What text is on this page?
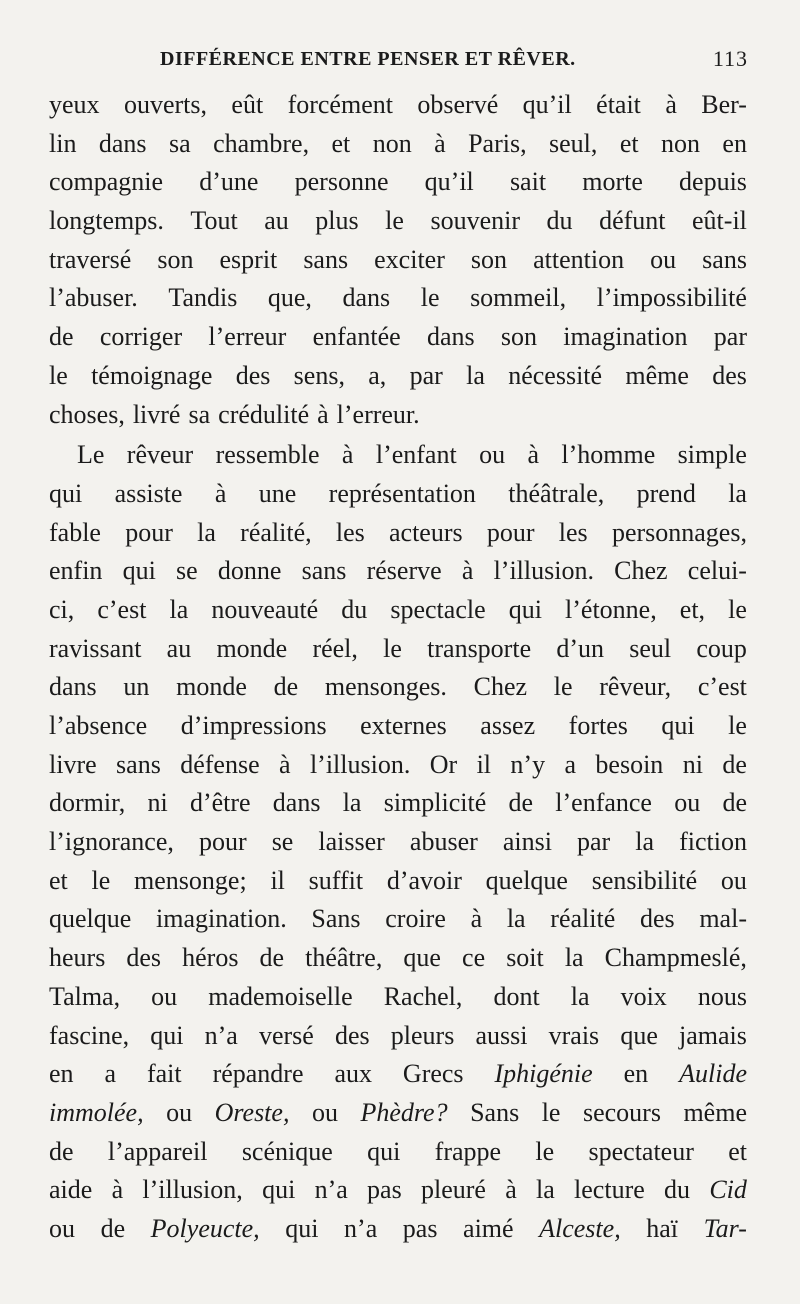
DIFFÉRENCE ENTRE PENSER ET RÊVER.	113
yeux ouverts, eût forcément observé qu’il était à Ber-
lin dans sa chambre, et non à Paris, seul, et non en
compagnie d’une personne qu’il sait morte depuis
longtemps. Tout au plus le souvenir du défunt eût-il
traversé son esprit sans exciter son attention ou sans
l’abuser. Tandis que, dans le sommeil, l’impossibilité
de corriger l’erreur enfantée dans son imagination par
le témoignage des sens, a, par la nécessité même des
choses, livré sa crédulité à l’erreur.
Le rêveur ressemble à l’enfant ou à l’homme simple
qui assiste à une représentation théâtrale, prend la
fable pour la réalité, les acteurs pour les personnages,
enfin qui se donne sans réserve à l’illusion. Chez celui-
ci, c’est la nouveauté du spectacle qui l’étonne, et, le
ravissant au monde réel, le transporte d’un seul coup
dans un monde de mensonges. Chez le rêveur, c’est
l’absence d’impressions externes assez fortes qui le
livre sans défense à l’illusion. Or il n’y a besoin ni de
dormir, ni d’être dans la simplicité de l’enfance ou de
l’ignorance, pour se laisser abuser ainsi par la fiction
et le mensonge; il suffit d’avoir quelque sensibilité ou
quelque imagination. Sans croire à la réalité des mal-
heurs des héros de théâtre, que ce soit la Champmeslé,
Talma, ou mademoiselle Rachel, dont la voix nous
fascine, qui n’a versé des pleurs aussi vrais que jamais
en a fait répandre aux Grecs Iphigénie en Aulide
immolée, ou Oreste, ou Phèdre? Sans le secours même
de l’appareil scénique qui frappe le spectateur et
aide à l’illusion, qui n’a pas pleuré à la lecture du Cid
ou de Polyeucte, qui n’a pas aimé Alceste, haï Tar-
